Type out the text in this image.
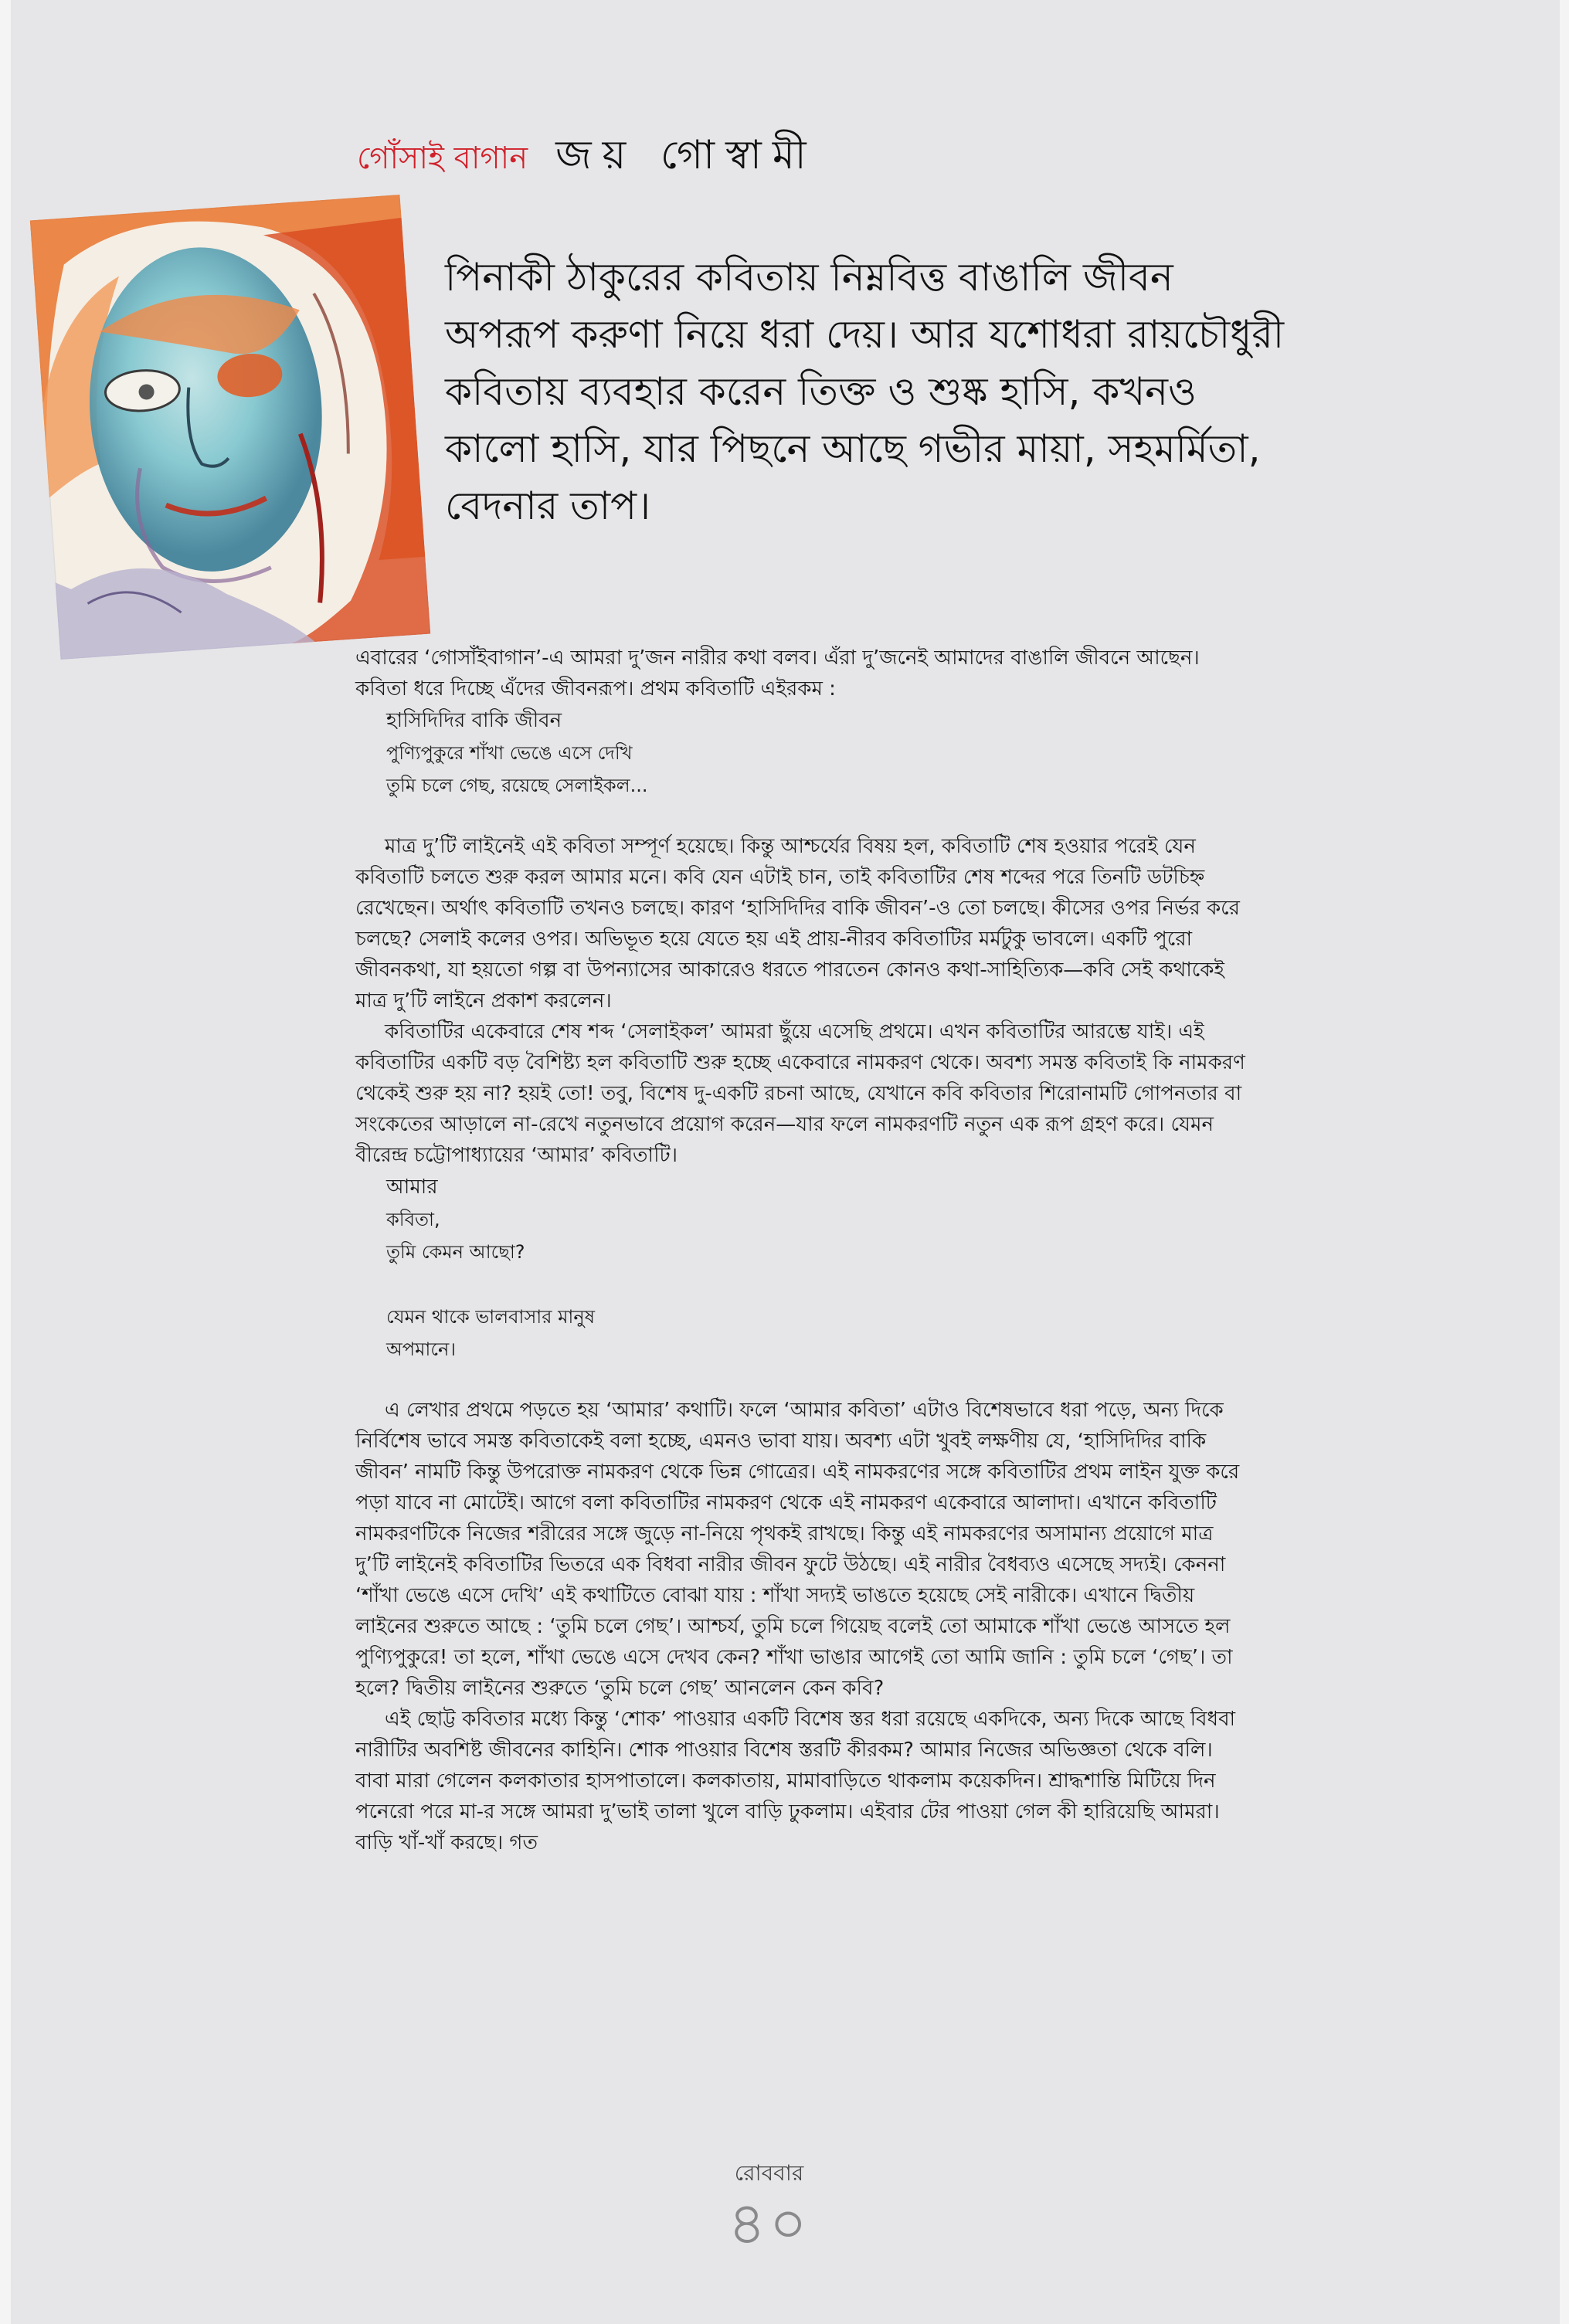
গোঁসাই বাগান জয় গোস্বামী
পিনাকী ঠাকুরের কবিতায় নিম্নবিত্ত বাঙালি জীবন অপরূপ করুণা নিয়ে ধরা দেয়। আর যশোধরা রায়চৌধুরী কবিতায় ব্যবহার করেন তিক্ত ও শুষ্ক হাসি, কখনও কালো হাসি, যার পিছনে আছে গভীর মায়া, সহমর্মিতা, বেদনার তাপ।

এবারের ‘গোসাঁইবাগান’-এ আমরা দু’জন নারীর কথা বলব। এঁরা দু’জনেই আমাদের বাঙালি জীবনে আছেন। কবিতা ধরে দিচ্ছে এঁদের জীবনরূপ। প্রথম কবিতাটি এইরকম :

হাসিদিদির বাকি জীবন
পুণ্যিপুকুরে শাঁখা ভেঙে এসে দেখি
তুমি চলে গেছ, রয়েছে সেলাইকল...

মাত্র দু’টি লাইনেই এই কবিতা সম্পূর্ণ হয়েছে। কিন্তু আশ্চর্যের বিষয় হল, কবিতাটি শেষ হওয়ার পরেই যেন কবিতাটি চলতে শুরু করল আমার মনে। কবি যেন এটাই চান, তাই কবিতাটির শেষ শব্দের পরে তিনটি ডটচিহ্ন রেখেছেন। অর্থাৎ কবিতাটি তখনও চলছে। কারণ ‘হাসিদিদির বাকি জীবন’-ও তো চলছে। কীসের ওপর নির্ভর করে চলছে? সেলাই কলের ওপর। অভিভূত হয়ে যেতে হয় এই প্রায়-নীরব কবিতাটির মর্মটুকু ভাবলে। একটি পুরো জীবনকথা, যা হয়তো গল্প বা উপন্যাসের আকারেও ধরতে পারতেন কোনও কথা-সাহিত্যিক—কবি সেই কথাকেই মাত্র দু’টি লাইনে প্রকাশ করলেন।

কবিতাটির একেবারে শেষ শব্দ ‘সেলাইকল’ আমরা ছুঁয়ে এসেছি প্রথমে। এখন কবিতাটির আরম্ভে যাই। এই কবিতাটির একটি বড় বৈশিষ্ট্য হল কবিতাটি শুরু হচ্ছে একেবারে নামকরণ থেকে। অবশ্য সমস্ত কবিতাই কি নামকরণ থেকেই শুরু হয় না? হয়ই তো! তবু, বিশেষ দু-একটি রচনা আছে, যেখানে কবি কবিতার শিরোনামটি গোপনতার বা সংকেতের আড়ালে না-রেখে নতুনভাবে প্রয়োগ করেন—যার ফলে নামকরণটি নতুন এক রূপ গ্রহণ করে। যেমন বীরেন্দ্র চট্টোপাধ্যায়ের ‘আমার’ কবিতাটি।

আমার
কবিতা,
তুমি কেমন আছো?
যেমন থাকে ভালবাসার মানুষ
অপমানে।

এ লেখার প্রথমে পড়তে হয় ‘আমার’ কথাটি। ফলে ‘আমার কবিতা’ এটাও বিশেষভাবে ধরা পড়ে, অন্য দিকে নির্বিশেষ ভাবে সমস্ত কবিতাকেই বলা হচ্ছে, এমনও ভাবা যায়। অবশ্য এটা খুবই লক্ষণীয় যে, ‘হাসিদিদির বাকি জীবন’ নামটি কিন্তু উপরোক্ত নামকরণ থেকে ভিন্ন গোত্রের। এই নামকরণের সঙ্গে কবিতাটির প্রথম লাইন যুক্ত করে পড়া যাবে না মোটেই। আগে বলা কবিতাটির নামকরণ থেকে এই নামকরণ একেবারে আলাদা। এখানে কবিতাটি নামকরণটিকে নিজের শরীরের সঙ্গে জুড়ে না-নিয়ে পৃথকই রাখছে। কিন্তু এই নামকরণের অসামান্য প্রয়োগে মাত্র দু’টি লাইনেই কবিতাটির ভিতরে এক বিধবা নারীর জীবন ফুটে উঠছে। এই নারীর বৈধব্যও এসেছে সদ্যই। কেননা ‘শাঁখা ভেঙে এসে দেখি’ এই কথাটিতে বোঝা যায় : শাঁখা সদ্যই ভাঙতে হয়েছে সেই নারীকে। এখানে দ্বিতীয় লাইনের শুরুতে আছে : ‘তুমি চলে গেছ’। আশ্চর্য, তুমি চলে গিয়েছ বলেই তো আমাকে শাঁখা ভেঙে আসতে হল পুণ্যিপুকুরে! তা হলে, শাঁখা ভেঙে এসে দেখব কেন? শাঁখা ভাঙার আগেই তো আমি জানি : তুমি চলে ‘গেছ’। তা হলে? দ্বিতীয় লাইনের শুরুতে ‘তুমি চলে গেছ’ আনলেন কেন কবি?

এই ছোট্ট কবিতার মধ্যে কিন্তু ‘শোক’ পাওয়ার একটি বিশেষ স্তর ধরা রয়েছে একদিকে, অন্য দিকে আছে বিধবা নারীটির অবশিষ্ট জীবনের কাহিনি। শোক পাওয়ার বিশেষ স্তরটি কীরকম? আমার নিজের অভিজ্ঞতা থেকে বলি। বাবা মারা গেলেন কলকাতার হাসপাতালে। কলকাতায়, মামাবাড়িতে থাকলাম কয়েকদিন। শ্রাদ্ধশান্তি মিটিয়ে দিন পনেরো পরে মা-র সঙ্গে আমরা দু’ভাই তালা খুলে বাড়ি ঢুকলাম। এইবার টের পাওয়া গেল কী হারিয়েছি আমরা। বাড়ি খাঁ-খাঁ করছে। গত

রোববার
৪০
